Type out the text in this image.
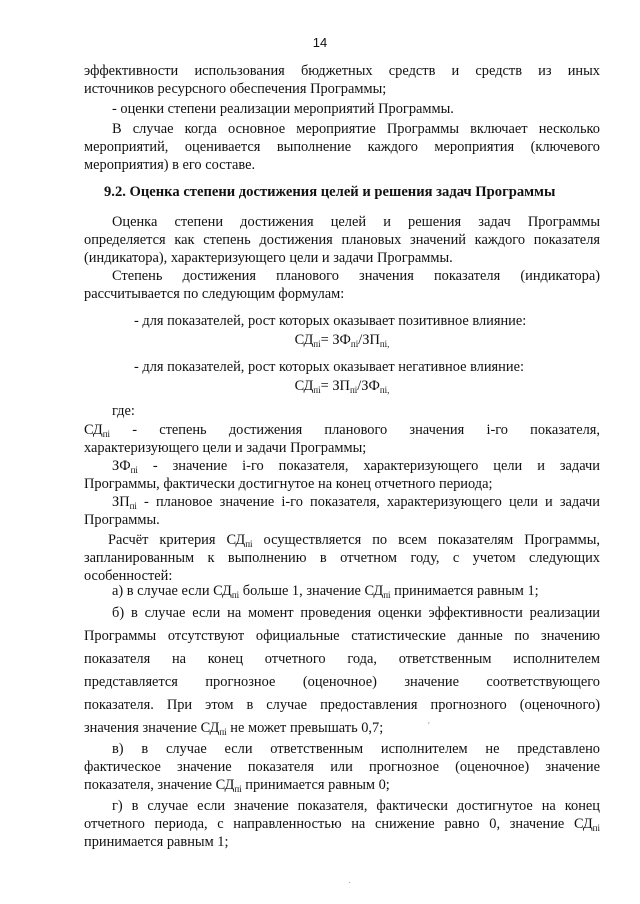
14
эффективности использования бюджетных средств и средств из иных
источников ресурсного обеспечения Программы;
- оценки степени реализации мероприятий Программы.
В случае когда основное мероприятие Программы включает несколько
мероприятий, оценивается выполнение каждого мероприятия (ключевого
мероприятия) в его составе.
Оценка степени достижения целей и решения задач Программы
определяется как степень достижения плановых значений каждого показателя
(индикатора), характеризующего цели и задачи Программы.
Степень достижения планового значения показателя (индикатора)
рассчитывается по следующим формулам:
- для показателей, рост которых оказывает позитивное влияние:
- для показателей, рост которых оказывает негативное влияние:
где:
9.2. Оценка степени достижения целей и решения задач Программы
$СД_{пi}= ЗФ_{пi}/ЗП_{пi,}$
$СД_{пi}= ЗП_{пi}/ЗФ_{пi,}$
$СД_{пi}$ - степень достижения планового значения i-го показателя,
характеризующего цели и задачи Программы;
$ЗФ_{пi}$ - значение i-го показателя, характеризующего цели и задачи
Программы, фактически достигнутое на конец отчетного периода;
$ЗП_{пi}$ - плановое значение i-го показателя, характеризующего цели и задачи
Программы.
Расчёт критерия $СД_{пi}$ осуществляется по всем показателям Программы,
запланированным к выполнению в отчетном году, с учетом следующих
особенностей:
а) в случае если $СД_{пi}$ больше 1, значение $СД_{пi}$ принимается равным 1;
б) в случае если на момент проведения оценки эффективности реализации
Программы отсутствуют официальные статистические данные по значению
показателя на конец отчетного года, ответственным исполнителем
представляется прогнозное (оценочное) значение соответствующего
показателя. При этом в случае предоставления прогнозного (оценочного)
значения значение $СД_{пi}$ не может превышать 0,7;
в) в случае если ответственным исполнителем не представлено
фактическое значение показателя или прогнозное (оценочное) значение
показателя, значение $СД_{пi}$ принимается равным 0;
г) в случае если значение показателя, фактически достигнутое на конец
отчетного периода, с направленностью на снижение равно 0, значение $СД_{пi}$
принимается равным 1;
'
˙
